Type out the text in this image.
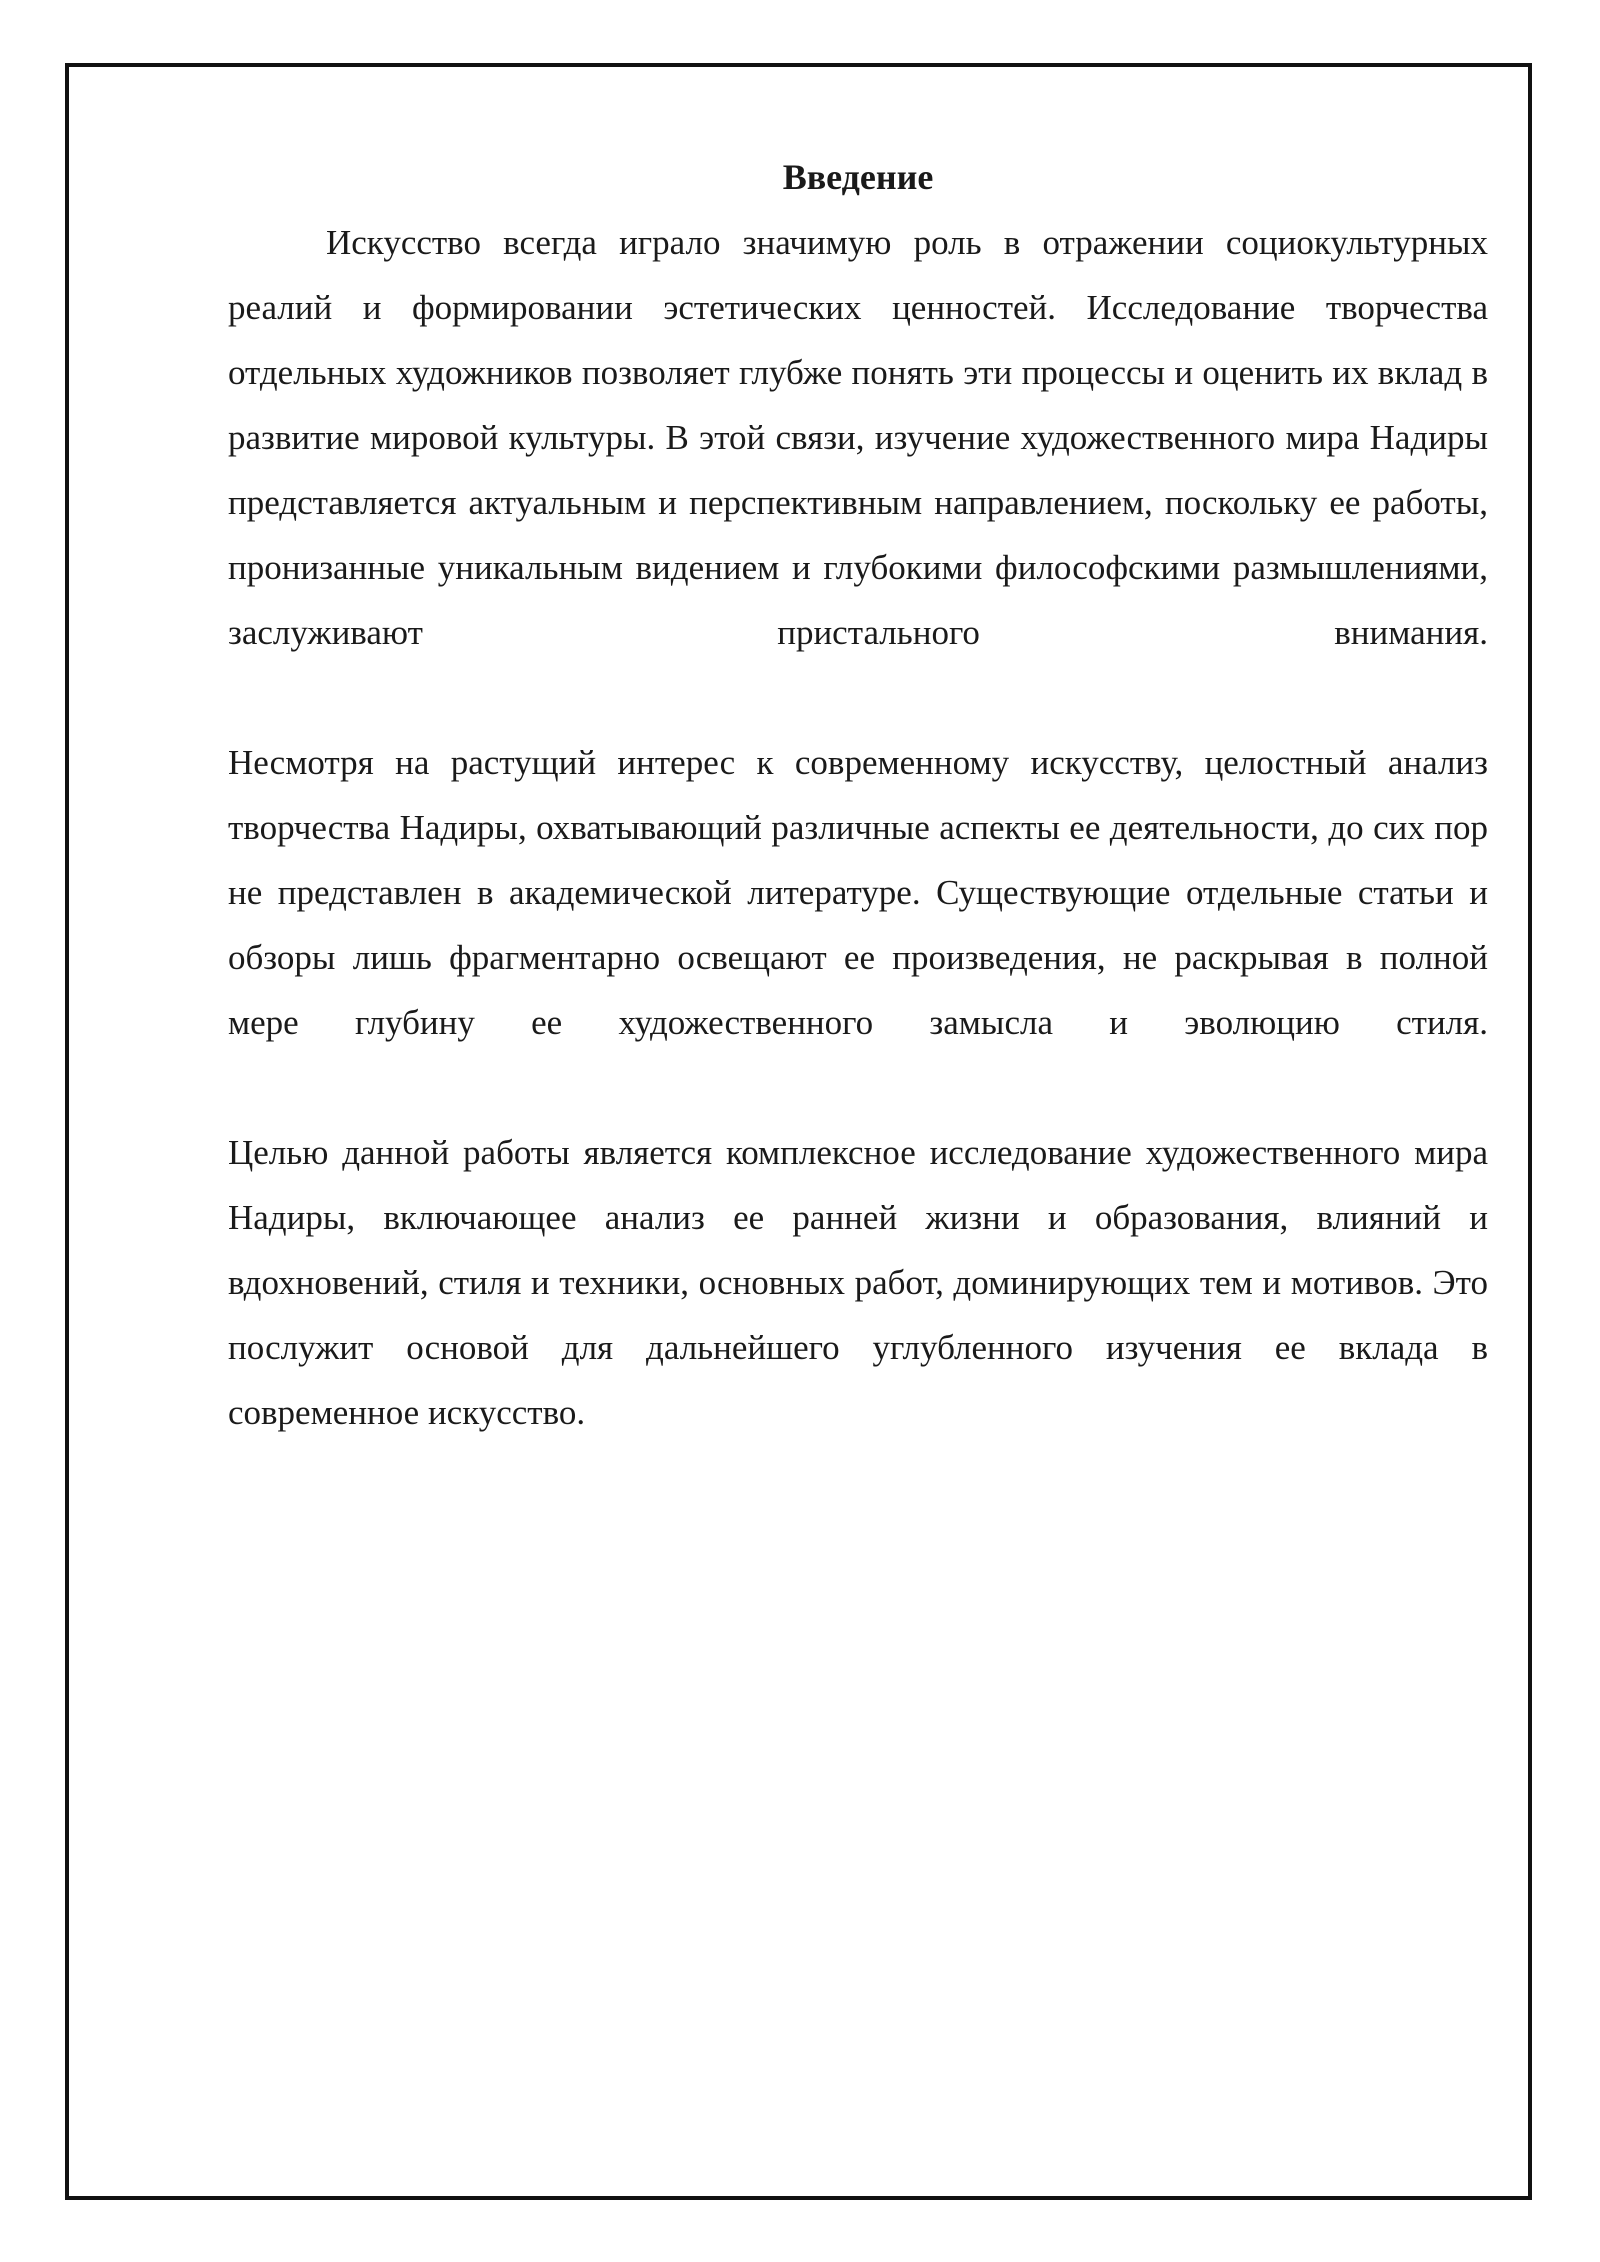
Введение

Искусство всегда играло значимую роль в отражении социокультурных реалий и формировании эстетических ценностей. Исследование творчества отдельных художников позволяет глубже понять эти процессы и оценить их вклад в развитие мировой культуры. В этой связи, изучение художественного мира Надиры представляется актуальным и перспективным направлением, поскольку ее работы, пронизанные уникальным видением и глубокими философскими размышлениями, заслуживают пристального внимания.

Несмотря на растущий интерес к современному искусству, целостный анализ творчества Надиры, охватывающий различные аспекты ее деятельности, до сих пор не представлен в академической литературе. Существующие отдельные статьи и обзоры лишь фрагментарно освещают ее произведения, не раскрывая в полной мере глубину ее художественного замысла и эволюцию стиля.

Целью данной работы является комплексное исследование художественного мира Надиры, включающее анализ ее ранней жизни и образования, влияний и вдохновений, стиля и техники, основных работ, доминирующих тем и мотивов. Это послужит основой для дальнейшего углубленного изучения ее вклада в современное искусство.
